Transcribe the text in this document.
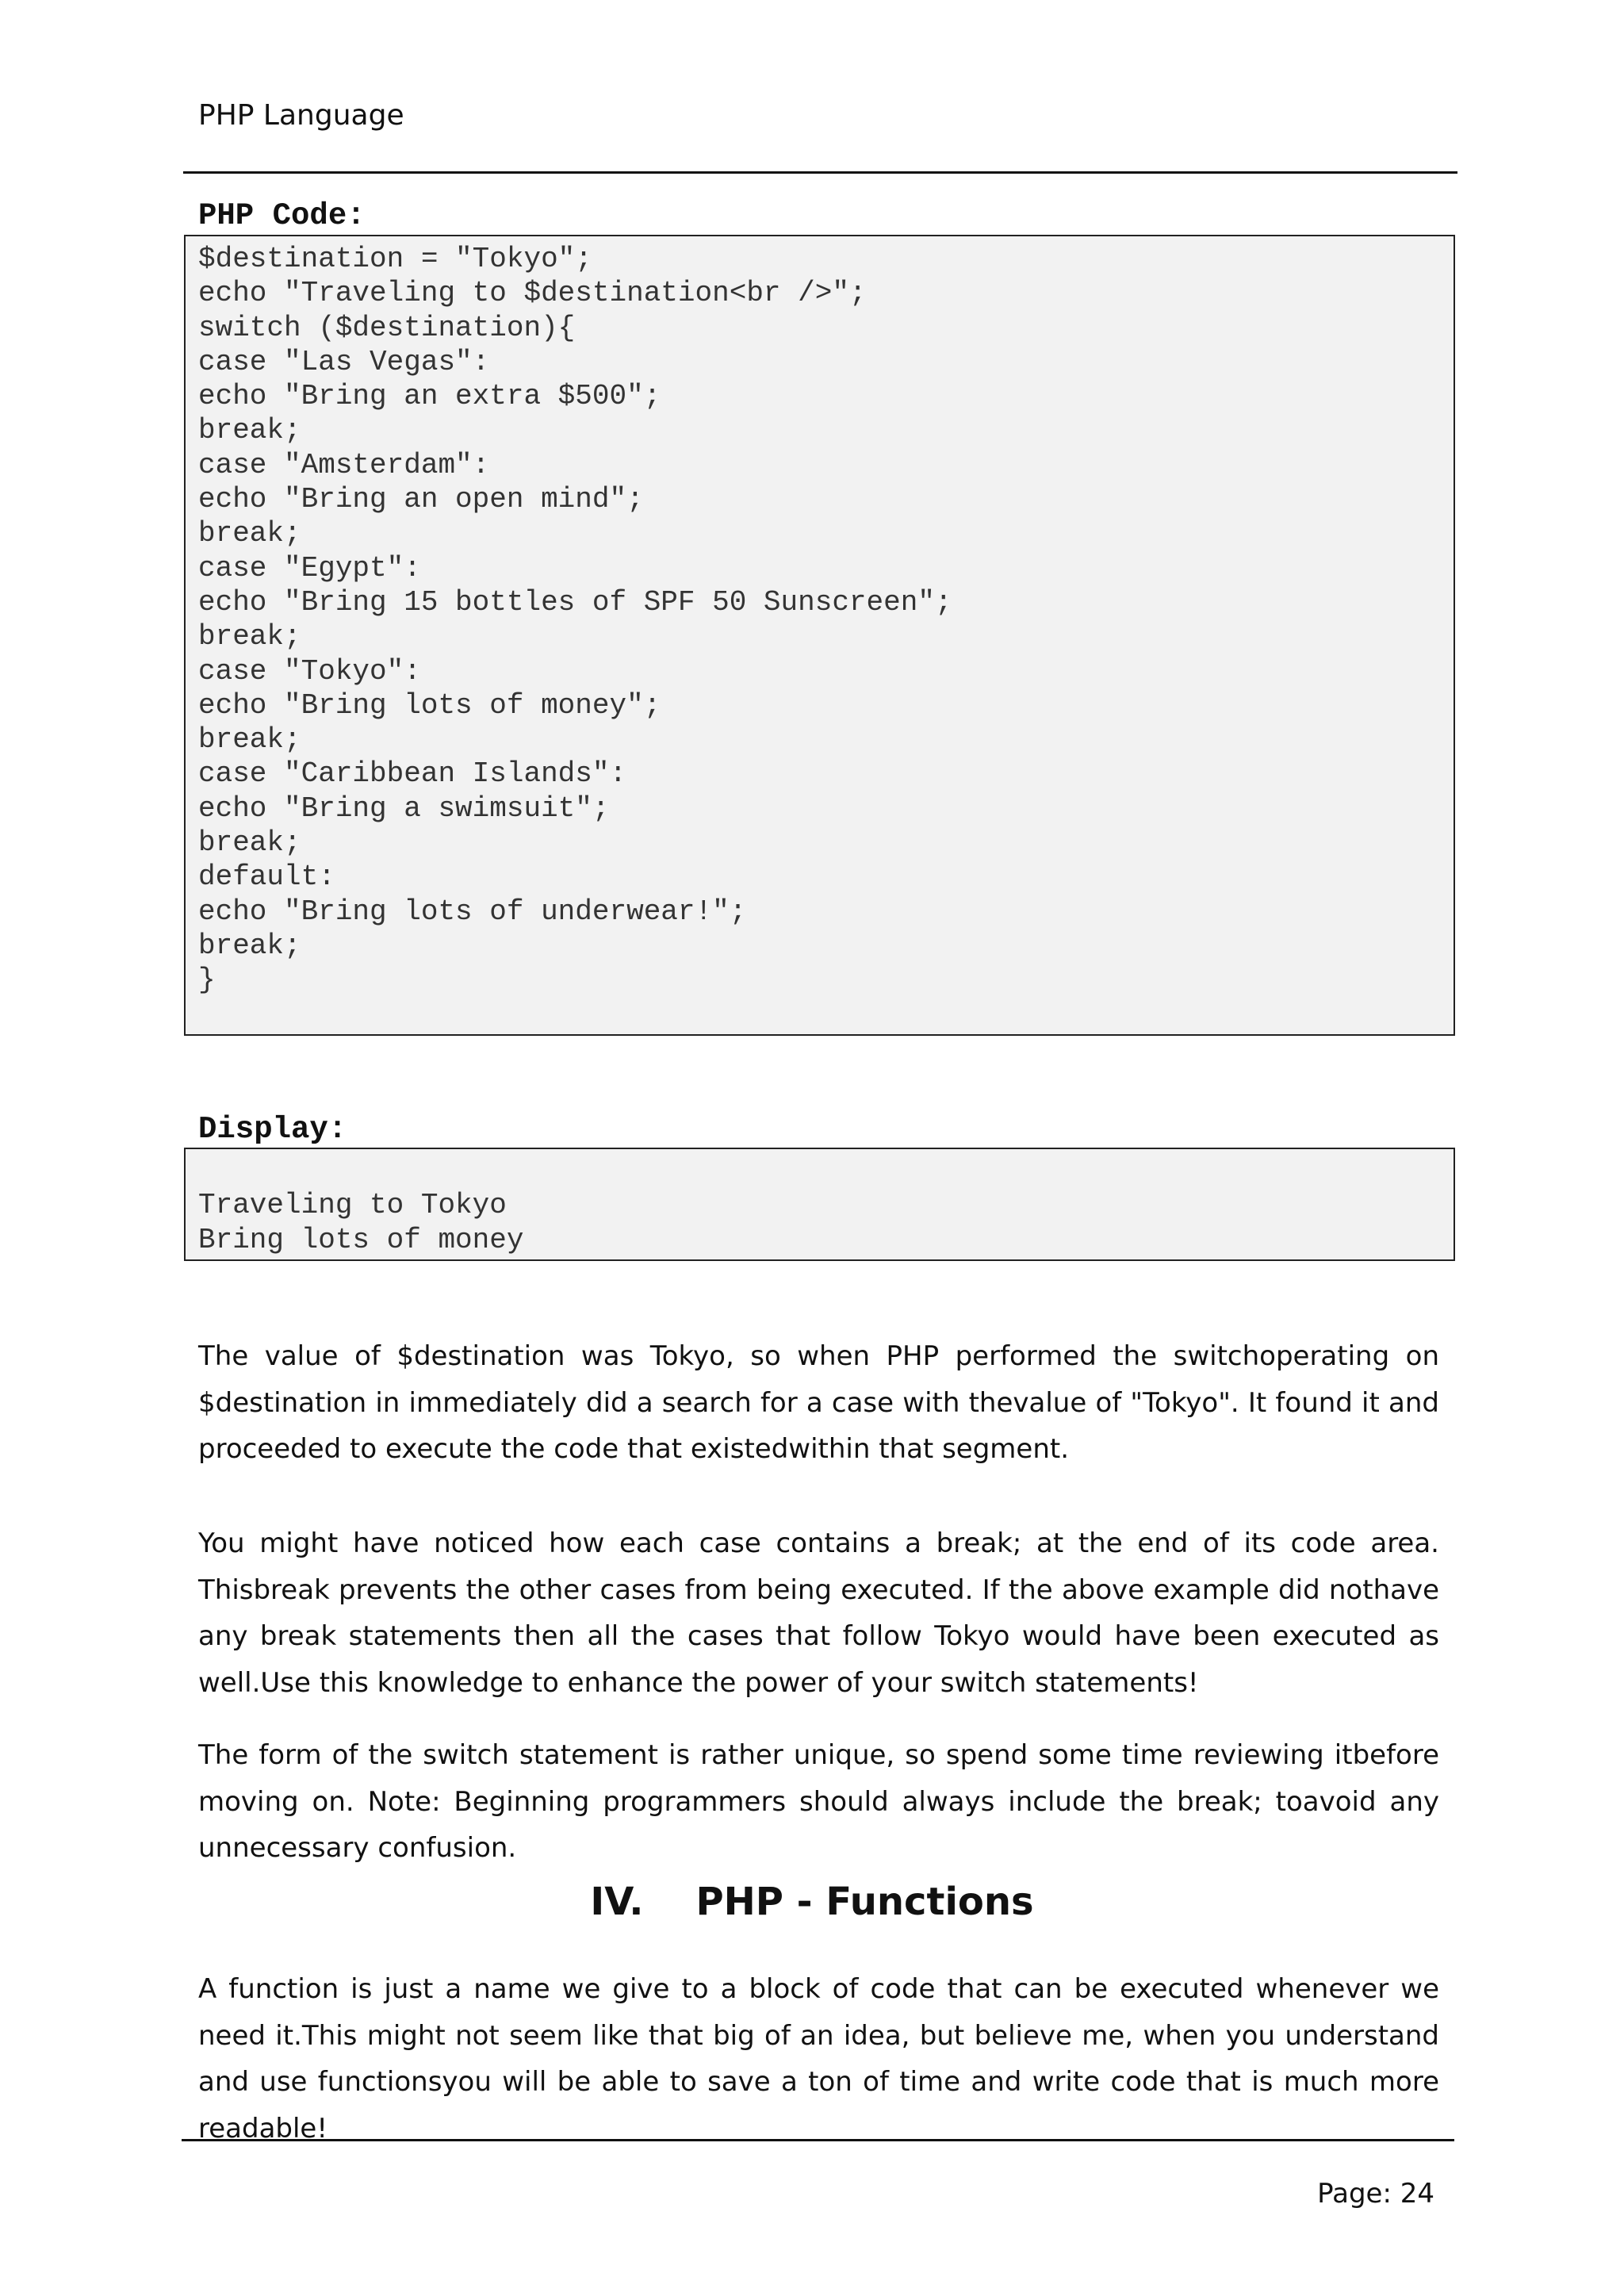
PHP Language
PHP Code:
$destination = "Tokyo";
echo "Traveling to $destination<br />";
switch ($destination){
case "Las Vegas":
echo "Bring an extra $500";
break;
case "Amsterdam":
echo "Bring an open mind";
break;
case "Egypt":
echo "Bring 15 bottles of SPF 50 Sunscreen";
break;
case "Tokyo":
echo "Bring lots of money";
break;
case "Caribbean Islands":
echo "Bring a swimsuit";
break;
default:
echo "Bring lots of underwear!";
break;
}
Display:
Traveling to Tokyo
Bring lots of money

The value of $destination was Tokyo, so when PHP performed the switchoperating on $destination in immediately did a search for a case with thevalue of "Tokyo". It found it and proceeded to execute the code that existedwithin that segment.

You might have noticed how each case contains a break; at the end of its code area. Thisbreak prevents the other cases from being executed. If the above example did nothave any break statements then all the cases that follow Tokyo would have been executed as well.Use this knowledge to enhance the power of your switch statements!

The form of the switch statement is rather unique, so spend some time reviewing itbefore moving on. Note: Beginning programmers should always include the break; toavoid any unnecessary confusion.

IV. PHP - Functions

A function is just a name we give to a block of code that can be executed whenever we need it.This might not seem like that big of an idea, but believe me, when you understand and use functionsyou will be able to save a ton of time and write code that is much more readable!

Page: 24
